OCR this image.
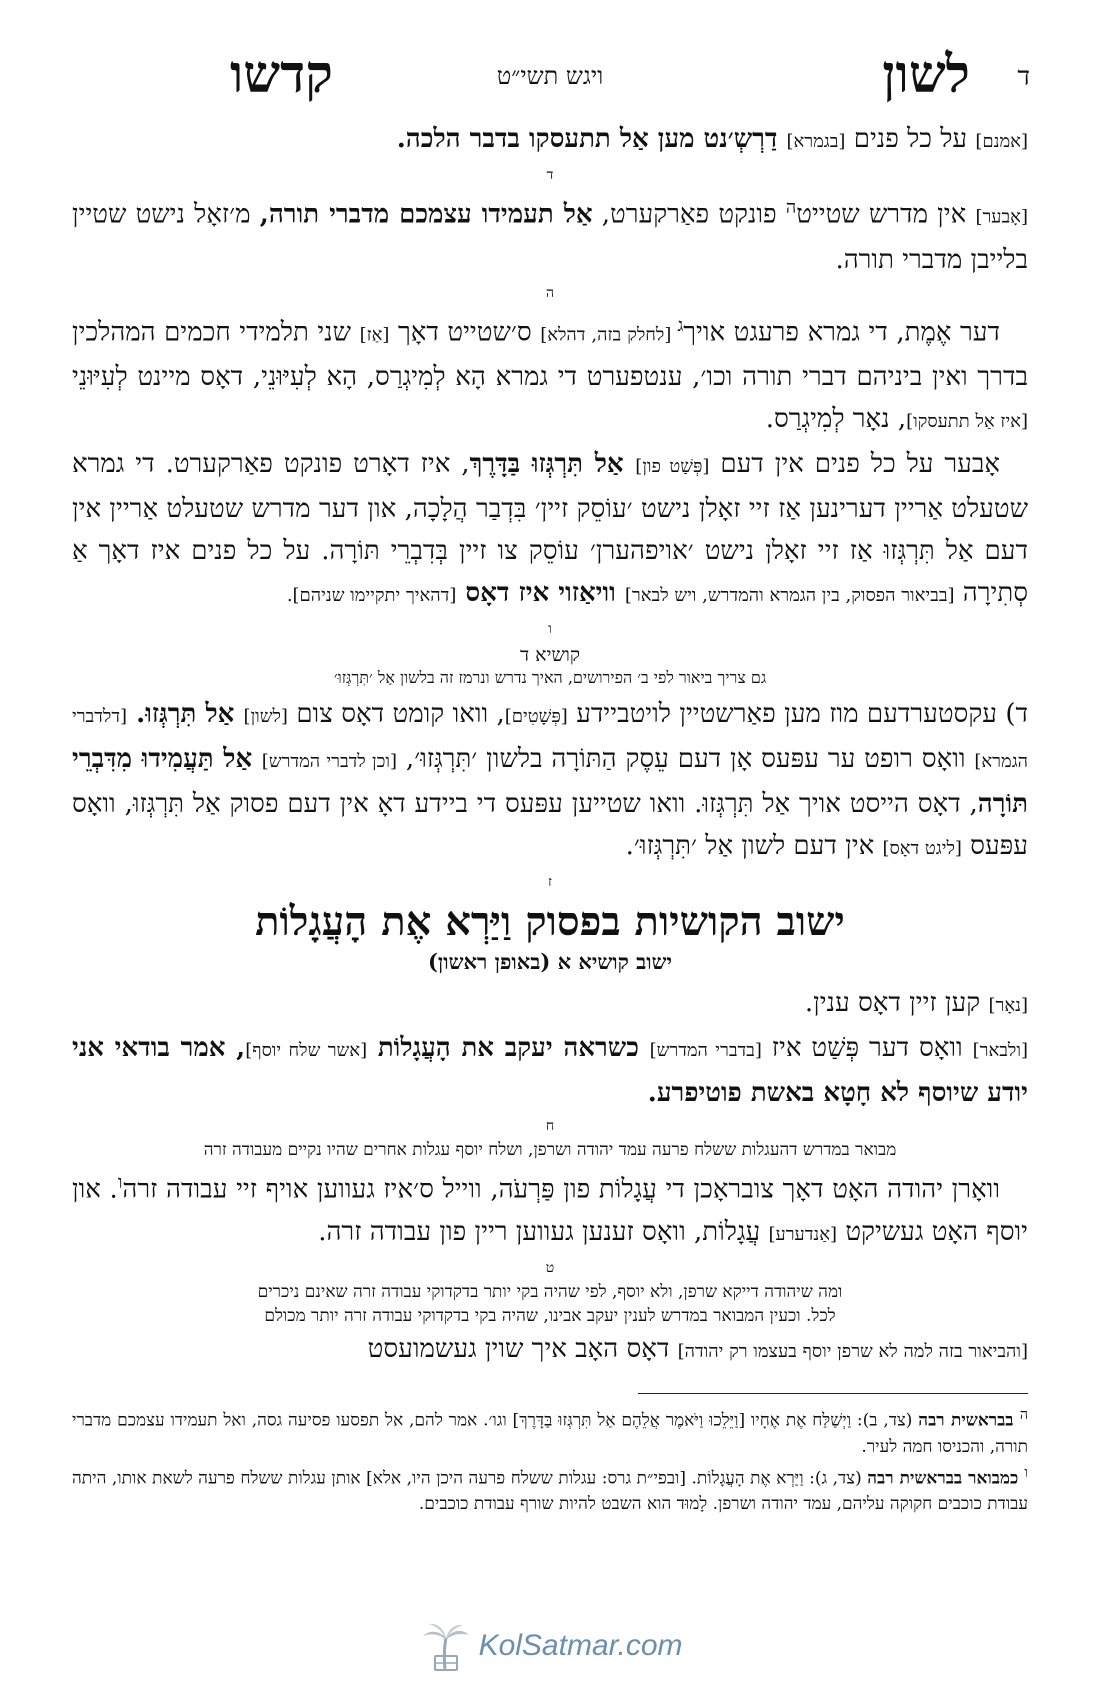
ד
לשון
ויגש תשי״ט
קדשו

[אמנם] על כל פנים [בגמרא] דַרְשְ׳נט מען אַל תתעסקו בדבר הלכה.

ד

[אָבער] אין מדרש שטייט$^ה$ פונקט פאַרקערט, אַל תעמידו עצמכם מדברי תורה, מ׳זאָל נישט שטיין בלייבן מדברי תורה.

ה

דער אֶמֶת, די גמרא פרעגט אויך$^ג$ [לחלק בזה, דהלא] ס׳שטייט דאָך [אַז] שני תלמידי חכמים המהלכין בדרך ואין ביניהם דברי תורה וכו׳, ענטפערט די גמרא הָא לְמִיגְרַס, הָא לְעִיּוּנֵי, דאָס מיינט לְעִיּוּנֵי [איז אַל תתעסקו], נאָר לְמִיגְרַס.

אָבער על כל פנים אין דעם [פְּשַׁט פון] אַל תִּרְגְּזוּ בַּדָּרֶךְ, איז דאָרט פונקט פאַרקערט. די גמרא שטעלט אַריין דערינען אַז זיי זאָלן נישט ׳עוֹסֵק זיין׳ בִּדְבַר הֲלָכָה, און דער מדרש שטעלט אַריין אין דעם אַל תִּרְגְּזוּ אַז זיי זאָלן נישט ׳אויפהערן׳ עוֹסֵק צו זיין בְּדִבְרֵי תּוֹרָה. על כל פנים איז דאָך אַ סְתִירָה [בביאור הפסוק, בין הגמרא והמדרש, ויש לבאר] וויאַזוי איז דאָס [דהאיך יתקיימו שניהם].

ו
קושיא ד
גם צריך ביאור לפי ב׳ הפירושים, האיך נדרש ונרמז זה בלשון אַל ׳תִּרְגְּזוּ׳

ד) עקסטערדעם מוז מען פאַרשטיין לויטביידע [פְּשָׁטִים], וואו קומט דאָס צום [לשון] אַל תִּרְגְּזוּ. [דלדברי הגמרא] וואָס רופט ער עפּעס אָן דעם עֵסֶק הַתּוֹרָה בלשון ׳תִּרְגְּזוּ׳, [וכן לדברי המדרש] אַל תַּעֲמִידוּ מִדִּבְרֵי תּוֹרָה, דאָס הייסט אויך אַל תִּרְגְּזוּ. וואו שטייען עפּעס די ביידע דאָ אין דעם פסוק אַל תִּרְגְּזוּ, וואָס עפּעס [ליגט דאָס] אין דעם לשון אַל ׳תִּרְגְּזוּ׳.

ז
ישוב הקושיות בפסוק וַיַּרְא אֶת הָעֲגָלוֹת
ישוב קושיא א (באופן ראשון)

[נאָר] קען זיין דאָס ענין.

[ולבאר] וואָס דער פְּשַׁט איז [בדברי המדרש] כשראה יעקב את הָעֲגָלוֹת [אשר שלח יוסף], אמר בודאי אני יודע שיוסף לא חָטָא באשת פוטיפרע.

ח
מבואר במדרש דהעגלות ששלח פרעה עמד יהודה ושרפן, ושלח יוסף עגלות אחרים שהיו נקיים מעבודה זרה

וואָרן יהודה האָט דאָך צובראָכן די עֲגָלוֹת פון פַּרְעֹה, ווייל ס׳איז געווען אויף זיי עבודה זרה$^ו$. און יוסף האָט געשיקט [אַנדערע] עֲגָלוֹת, וואָס זענען געווען ריין פון עבודה זרה.

ט
ומה שיהודה דייקא שרפן, ולא יוסף, לפי שהיה בקי יותר בדקדוקי עבודה זרה שאינם ניכרים
לכל. וכעין המבואר במדרש לענין יעקב אבינו, שהיה בקי בדקדוקי עבודה זרה יותר מכולם

[והביאור בזה למה לא שרפן יוסף בעצמו רק יהודה] דאָס האָב איך שוין געשמועסט

$^ה$ בבראשית רבה (צד, ב): וַיְשַׁלַּח אֶת אֶחָיו [וַיֵּלֵכוּ וַיֹּאמֶר אֲלֵהֶם אַל תִּרְגְּזוּ בַּדָּרֶךְ] וגו׳. אמר להם, אל תפסעו פסיעה גסה, ואל תעמידו עצמכם מדברי תורה, והכניסו חמה לעיר.

$^ו$ כמבואר בבראשית רבה (צד, ג): וַיַּרְא אֶת הָעֲגָלוֹת. [ובפי״ת גרס: עגלות ששלח פרעה היכן היו, אלא] אותן עגלות ששלח פרעה לשאת אותו, היתה עבודת כוכבים חקוקה עליהם, עמד יהודה ושרפן. לָמוּד הוא השבט להיות שורף עבודת כוכבים.

KolSatmar.com
